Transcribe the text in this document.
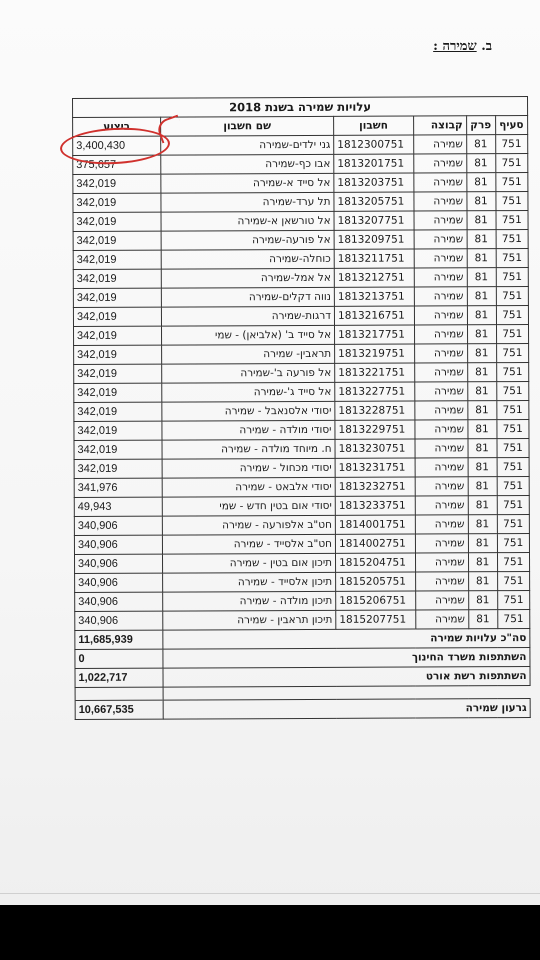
ב. שמירה :
עלויות שמירה בשנת 2018					
סעיף	פרק	קבוצה	חשבון	שם חשבון	ביצוע
751	81	שמירה	1812300751	גני ילדים-שמירה	3,400,430
751	81	שמירה	1813201751	אבו כף-שמירה	375,657
751	81	שמירה	1813203751	אל סייד א-שמירה	342,019
751	81	שמירה	1813205751	תל ערד-שמירה	342,019
751	81	שמירה	1813207751	אל טורשאן א-שמירה	342,019
751	81	שמירה	1813209751	אל פורעה-שמירה	342,019
751	81	שמירה	1813211751	כוחלה-שמירה	342,019
751	81	שמירה	1813212751	אל אמל-שמירה	342,019
751	81	שמירה	1813213751	נווה דקלים-שמירה	342,019
751	81	שמירה	1813216751	דרגות-שמירה	342,019
751	81	שמירה	1813217751	אל סייד ב' (אלביאן) - שמי	342,019
751	81	שמירה	1813219751	תראבין- שמירה	342,019
751	81	שמירה	1813221751	אל פורעה ב'-שמירה	342,019
751	81	שמירה	1813227751	אל סייד ג'-שמירה	342,019
751	81	שמירה	1813228751	יסודי אלסנאבל - שמירה	342,019
751	81	שמירה	1813229751	יסודי מולדה - שמירה	342,019
751	81	שמירה	1813230751	ח. מיוחד מולדה - שמירה	342,019
751	81	שמירה	1813231751	יסודי מכחול - שמירה	342,019
751	81	שמירה	1813232751	יסודי אלבאט - שמירה	341,976
751	81	שמירה	1813233751	יסודי אום בטין חדש - שמי	49,943
751	81	שמירה	1814001751	חט"ב אלפורעה - שמירה	340,906
751	81	שמירה	1814002751	חט"ב אלסייד - שמירה	340,906
751	81	שמירה	1815204751	תיכון אום בטין - שמירה	340,906
751	81	שמירה	1815205751	תיכון אלסייד - שמירה	340,906
751	81	שמירה	1815206751	תיכון מולדה - שמירה	340,906
751	81	שמירה	1815207751	תיכון תראבין - שמירה	340,906
סה"כ עלויות שמירה					11,685,939
השתתפות משרד החינוך					0
השתתפות רשת אורט					1,022,717

גרעון שמירה					10,667,535
